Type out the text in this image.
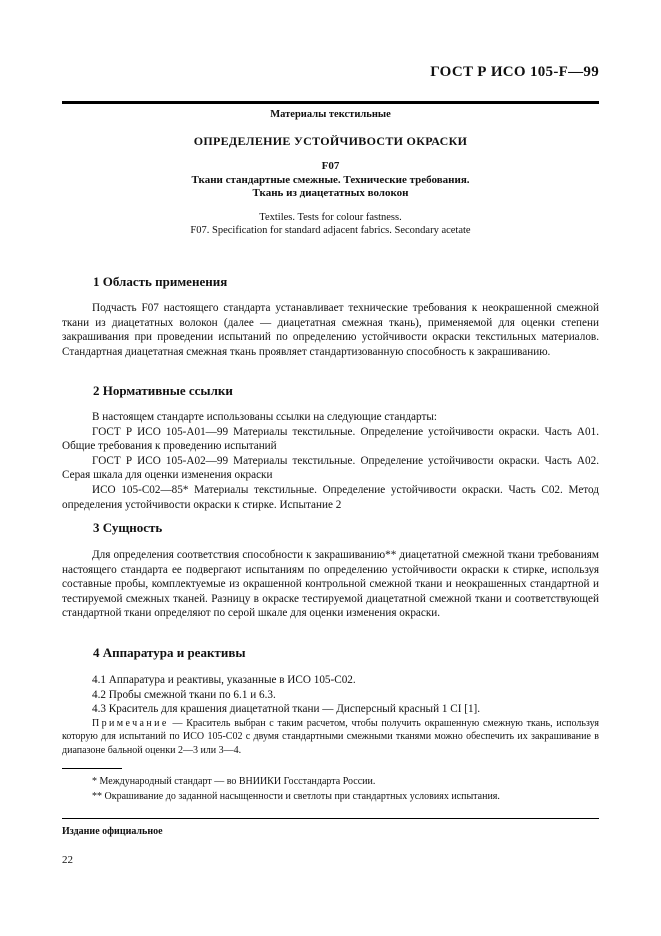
ГОСТ Р ИСО 105-F—99
Материалы текстильные
ОПРЕДЕЛЕНИЕ УСТОЙЧИВОСТИ ОКРАСКИ
F07
Ткани стандартные смежные. Технические требования.
Ткань из диацетатных волокон
Textiles. Tests for colour fastness.
F07. Specification for standard adjacent fabrics. Secondary acetate
1 Область применения

Подчасть F07 настоящего стандарта устанавливает технические требования к неокрашенной смежной ткани из диацетатных волокон (далее — диацетатная смежная ткань), применяемой для оценки степени закрашивания при проведении испытаний по определению устойчивости окраски текстильных материалов. Стандартная диацетатная смежная ткань проявляет стандартизованную способность к закрашиванию.

2 Нормативные ссылки

В настоящем стандарте использованы ссылки на следующие стандарты:

ГОСТ Р ИСО 105-А01—99 Материалы текстильные. Определение устойчивости окраски. Часть А01. Общие требования к проведению испытаний

ГОСТ Р ИСО 105-А02—99 Материалы текстильные. Определение устойчивости окраски. Часть А02. Серая шкала для оценки изменения окраски

ИСО 105-С02—85* Материалы текстильные. Определение устойчивости окраски. Часть С02. Метод определения устойчивости окраски к стирке. Испытание 2

3 Сущность

Для определения соответствия способности к закрашиванию** диацетатной смежной ткани требованиям настоящего стандарта ее подвергают испытаниям по определению устойчивости окраски к стирке, используя составные пробы, комплектуемые из окрашенной контрольной смежной ткани и неокрашенных стандартной и тестируемой смежных тканей. Разницу в окраске тестируемой диацетатной смежной ткани и соответствующей стандартной ткани определяют по серой шкале для оценки изменения окраски.

4 Аппаратура и реактивы

4.1 Аппаратура и реактивы, указанные в ИСО 105-С02.

4.2 Пробы смежной ткани по 6.1 и 6.3.

4.3 Краситель для крашения диацетатной ткани — Дисперсный красный 1 CI [1].

Примечание — Краситель выбран с таким расчетом, чтобы получить окрашенную смежную ткань, используя которую для испытаний по ИСО 105-С02 с двумя стандартными смежными тканями можно обеспечить их закрашивание в диапазоне бальной оценки 2—3 или 3—4.

* Международный стандарт — во ВНИИКИ Госстандарта России.

** Окрашивание до заданной насыщенности и светлоты при стандартных условиях испытания.

Издание официальное
22
